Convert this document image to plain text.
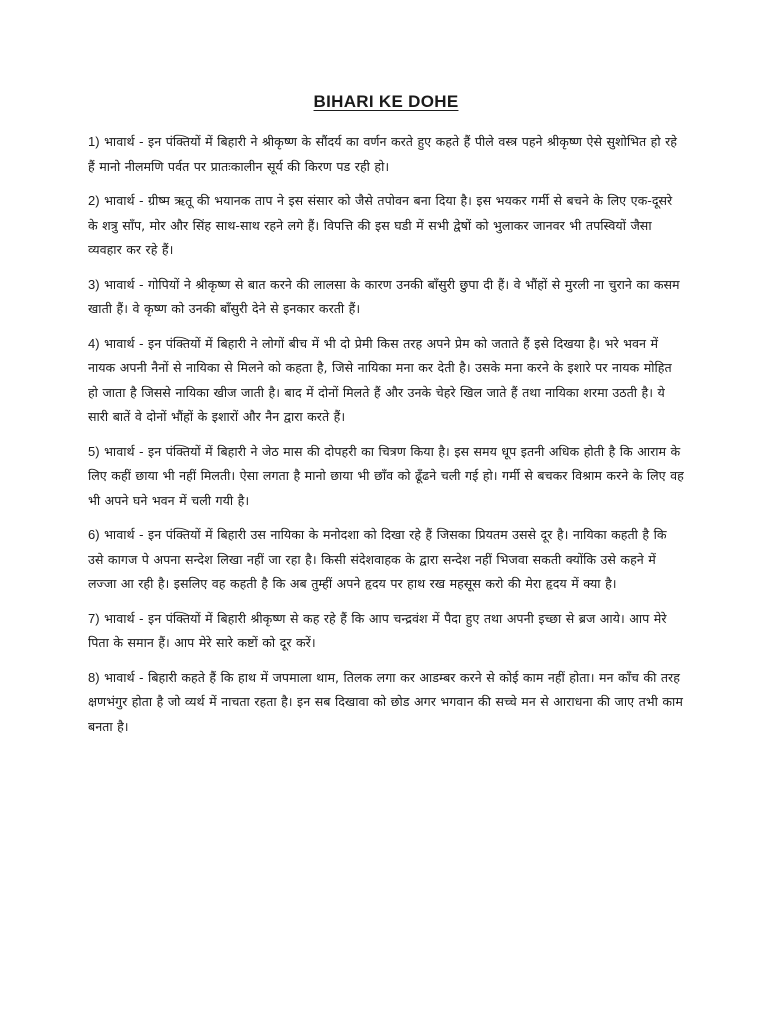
BIHARI KE DOHE

1) भावार्थ - इन पंक्तियों में बिहारी ने श्रीकृष्ण के सौंदर्य का वर्णन करते हुए कहते हैं पीले वस्त्र पहने श्रीकृष्ण ऐसे सुशोभित हो रहे हैं मानो नीलमणि पर्वत पर प्रातःकालीन सूर्य की किरण पड रही हो।

2) भावार्थ - ग्रीष्म ऋतू की भयानक ताप ने इस संसार को जैसे तपोवन बना दिया है। इस भयकर गर्मी से बचने के लिए एक-दूसरे के शत्रु साँप, मोर और सिंह साथ-साथ रहने लगे हैं। विपत्ति की इस घडी में सभी द्वेषों को भुलाकर जानवर भी तपस्वियों जैसा व्यवहार कर रहे हैं।

3) भावार्थ - गोपियों ने श्रीकृष्ण से बात करने की लालसा के कारण उनकी बाँसुरी छुपा दी हैं। वे भौंहों से मुरली ना चुराने का कसम खाती हैं। वे कृष्ण को उनकी बाँसुरी देने से इनकार करती हैं।

4) भावार्थ - इन पंक्तियों में बिहारी ने लोगों बीच में भी दो प्रेमी किस तरह अपने प्रेम को जताते हैं इसे दिखया है। भरे भवन में नायक अपनी नैनों से नायिका से मिलने को कहता है, जिसे नायिका मना कर देती है। उसके मना करने के इशारे पर नायक मोहित हो जाता है जिससे नायिका खीज जाती है। बाद में दोनों मिलते हैं और उनके चेहरे खिल जाते हैं तथा नायिका शरमा उठती है। ये सारी बातें वे दोनों भौंहों के इशारों और नैन द्वारा करते हैं।

5) भावार्थ - इन पंक्तियों में बिहारी ने जेठ मास की दोपहरी का चित्रण किया है। इस समय धूप इतनी अधिक होती है कि आराम के लिए कहीं छाया भी नहीं मिलती। ऐसा लगता है मानो छाया भी छाँव को ढूँढने चली गई हो। गर्मी से बचकर विश्राम करने के लिए वह भी अपने घने भवन में चली गयी है।

6) भावार्थ - इन पंक्तियों में बिहारी उस नायिका के मनोदशा को दिखा रहे हैं जिसका प्रियतम उससे दूर है। नायिका कहती है कि उसे कागज पे अपना सन्देश लिखा नहीं जा रहा है। किसी संदेशवाहक के द्वारा सन्देश नहीं भिजवा सकती क्योंकि उसे कहने में लज्जा आ रही है। इसलिए वह कहती है कि अब तुम्हीं अपने हृदय पर हाथ रख महसूस करो की मेरा हृदय में क्या है।

7) भावार्थ - इन पंक्तियों में बिहारी श्रीकृष्ण से कह रहे हैं कि आप चन्द्रवंश में पैदा हुए तथा अपनी इच्छा से ब्रज आये। आप मेरे पिता के समान हैं। आप मेरे सारे कष्टों को दूर करें।

8) भावार्थ - बिहारी कहते हैं कि हाथ में जपमाला थाम, तिलक लगा कर आडम्बर करने से कोई काम नहीं होता। मन काँच की तरह क्षणभंगुर होता है जो व्यर्थ में नाचता रहता है। इन सब दिखावा को छोड अगर भगवान की सच्चे मन से आराधना की जाए तभी काम बनता है।
